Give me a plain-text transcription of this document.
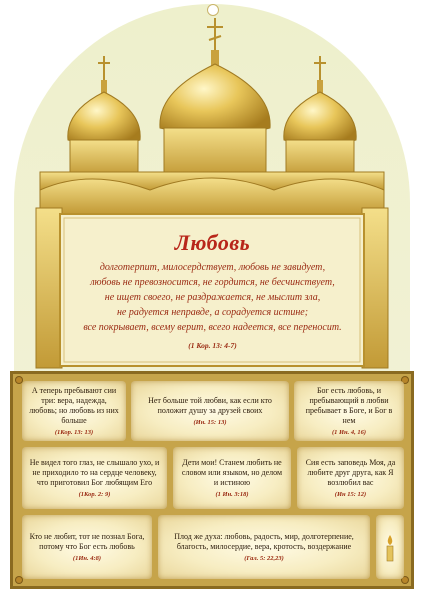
Любовь
долготерпит, милосердствует, любовь не завидует,
любовь не превозносится, не гордится, не бесчинствует,
не ищет своего, не раздражается, не мыслит зла,
не радуется неправде, а сорадуется истине;
все покрывает, всему верит, всего надеется, все переносит.
(1 Кор. 13: 4-7)
А теперь пребывают сии три: вера, надежда, любовь; но любовь из них больше
(1Кор. 13: 13)
Нет больше той любви, как если кто положит душу за друзей своих
(Ин. 15: 13)
Бог есть любовь, и пребывающий в любви пребывает в Боге, и Бог в нем
(1 Ин. 4, 16)
Не видел того глаз, не слышало ухо, и не приходило то на сердце человеку, что приготовил Бог любящим Его
(1Кор. 2: 9)
Дети мои! Станем любить не словом или языком, но делом и истиною
(1 Ин. 3:18)
Сия есть заповедь Моя, да любите друг друга, как Я возлюбил вас
(Ин 15: 12)
Кто не любит, тот не познал Бога, потому что Бог есть любовь
(1Ин. 4:8)
Плод же духа: любовь, радость, мир, долготерпение, благость, милосердие, вера, кротость, воздержание
(Гал. 5: 22,23)
